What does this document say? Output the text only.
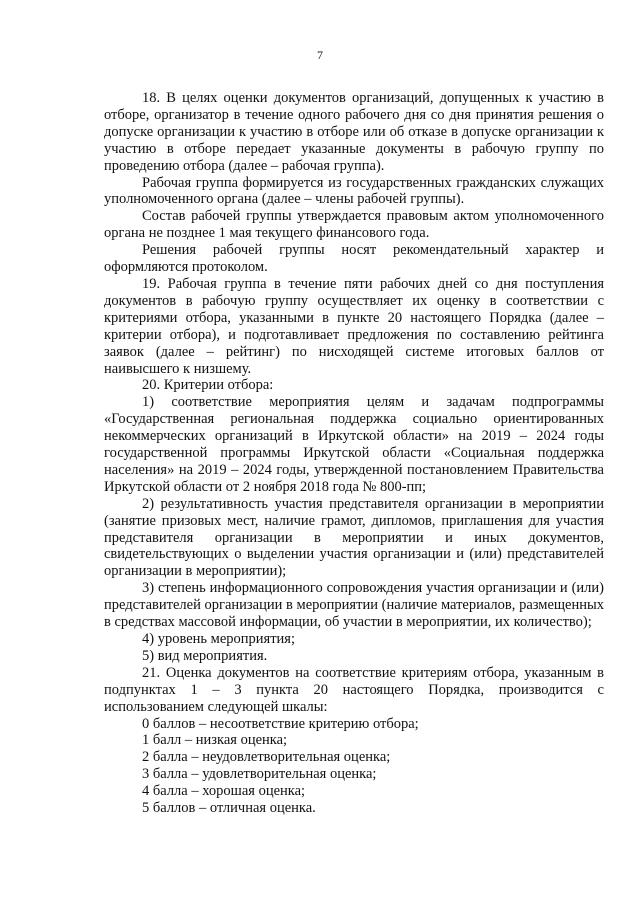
7

18. В целях оценки документов организаций, допущенных к участию в отборе, организатор в течение одного рабочего дня со дня принятия решения о допуске организации к участию в отборе или об отказе в допуске организации к участию в отборе передает указанные документы в рабочую группу по проведению отбора (далее – рабочая группа).

Рабочая группа формируется из государственных гражданских служащих уполномоченного органа (далее – члены рабочей группы).

Состав рабочей группы утверждается правовым актом уполномоченного органа не позднее 1 мая текущего финансового года.

Решения рабочей группы носят рекомендательный характер и оформляются протоколом.

19. Рабочая группа в течение пяти рабочих дней со дня поступления документов в рабочую группу осуществляет их оценку в соответствии с критериями отбора, указанными в пункте 20 настоящего Порядка (далее – критерии отбора), и подготавливает предложения по составлению рейтинга заявок (далее – рейтинг) по нисходящей системе итоговых баллов от наивысшего к низшему.

20. Критерии отбора:

1) соответствие мероприятия целям и задачам подпрограммы «Государственная региональная поддержка социально ориентированных некоммерческих организаций в Иркутской области» на 2019 – 2024 годы государственной программы Иркутской области «Социальная поддержка населения» на 2019 – 2024 годы, утвержденной постановлением Правительства Иркутской области от 2 ноября 2018 года № 800-пп;

2) результативность участия представителя организации в мероприятии (занятие призовых мест, наличие грамот, дипломов, приглашения для участия представителя организации в мероприятии и иных документов, свидетельствующих о выделении участия организации и (или) представителей организации в мероприятии);

3) степень информационного сопровождения участия организации и (или) представителей организации в мероприятии (наличие материалов, размещенных в средствах массовой информации, об участии в мероприятии, их количество);

4) уровень мероприятия;

5) вид мероприятия.

21. Оценка документов на соответствие критериям отбора, указанным в подпунктах 1 – 3 пункта 20 настоящего Порядка, производится с использованием следующей шкалы:

0 баллов – несоответствие критерию отбора;

1 балл – низкая оценка;

2 балла – неудовлетворительная оценка;

3 балла – удовлетворительная оценка;

4 балла – хорошая оценка;

5 баллов – отличная оценка.
